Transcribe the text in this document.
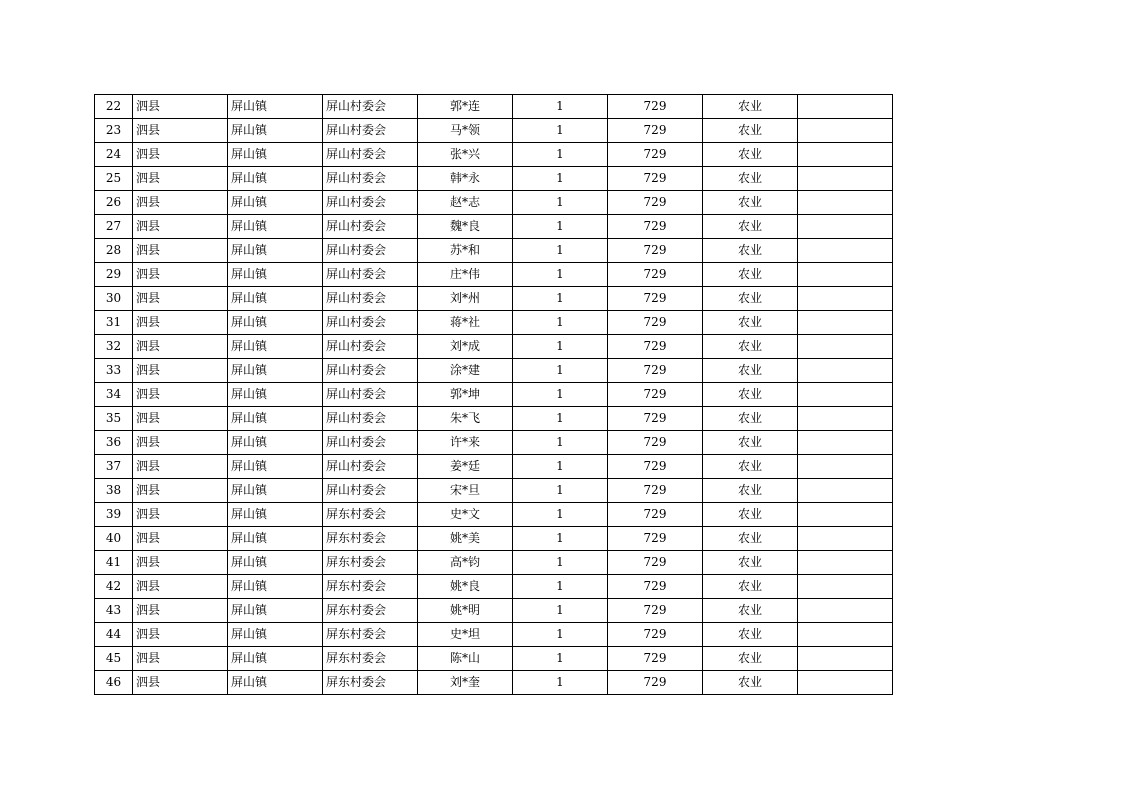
22	泗县	屏山镇	屏山村委会	郭*连	1	729	农业	
23	泗县	屏山镇	屏山村委会	马*领	1	729	农业	
24	泗县	屏山镇	屏山村委会	张*兴	1	729	农业	
25	泗县	屏山镇	屏山村委会	韩*永	1	729	农业	
26	泗县	屏山镇	屏山村委会	赵*志	1	729	农业	
27	泗县	屏山镇	屏山村委会	魏*良	1	729	农业	
28	泗县	屏山镇	屏山村委会	苏*和	1	729	农业	
29	泗县	屏山镇	屏山村委会	庄*伟	1	729	农业	
30	泗县	屏山镇	屏山村委会	刘*州	1	729	农业	
31	泗县	屏山镇	屏山村委会	蒋*社	1	729	农业	
32	泗县	屏山镇	屏山村委会	刘*成	1	729	农业	
33	泗县	屏山镇	屏山村委会	涂*建	1	729	农业	
34	泗县	屏山镇	屏山村委会	郭*坤	1	729	农业	
35	泗县	屏山镇	屏山村委会	朱*飞	1	729	农业	
36	泗县	屏山镇	屏山村委会	许*来	1	729	农业	
37	泗县	屏山镇	屏山村委会	姜*廷	1	729	农业	
38	泗县	屏山镇	屏山村委会	宋*旦	1	729	农业	
39	泗县	屏山镇	屏东村委会	史*文	1	729	农业	
40	泗县	屏山镇	屏东村委会	姚*美	1	729	农业	
41	泗县	屏山镇	屏东村委会	高*钧	1	729	农业	
42	泗县	屏山镇	屏东村委会	姚*良	1	729	农业	
43	泗县	屏山镇	屏东村委会	姚*明	1	729	农业	
44	泗县	屏山镇	屏东村委会	史*坦	1	729	农业	
45	泗县	屏山镇	屏东村委会	陈*山	1	729	农业	
46	泗县	屏山镇	屏东村委会	刘*奎	1	729	农业	
